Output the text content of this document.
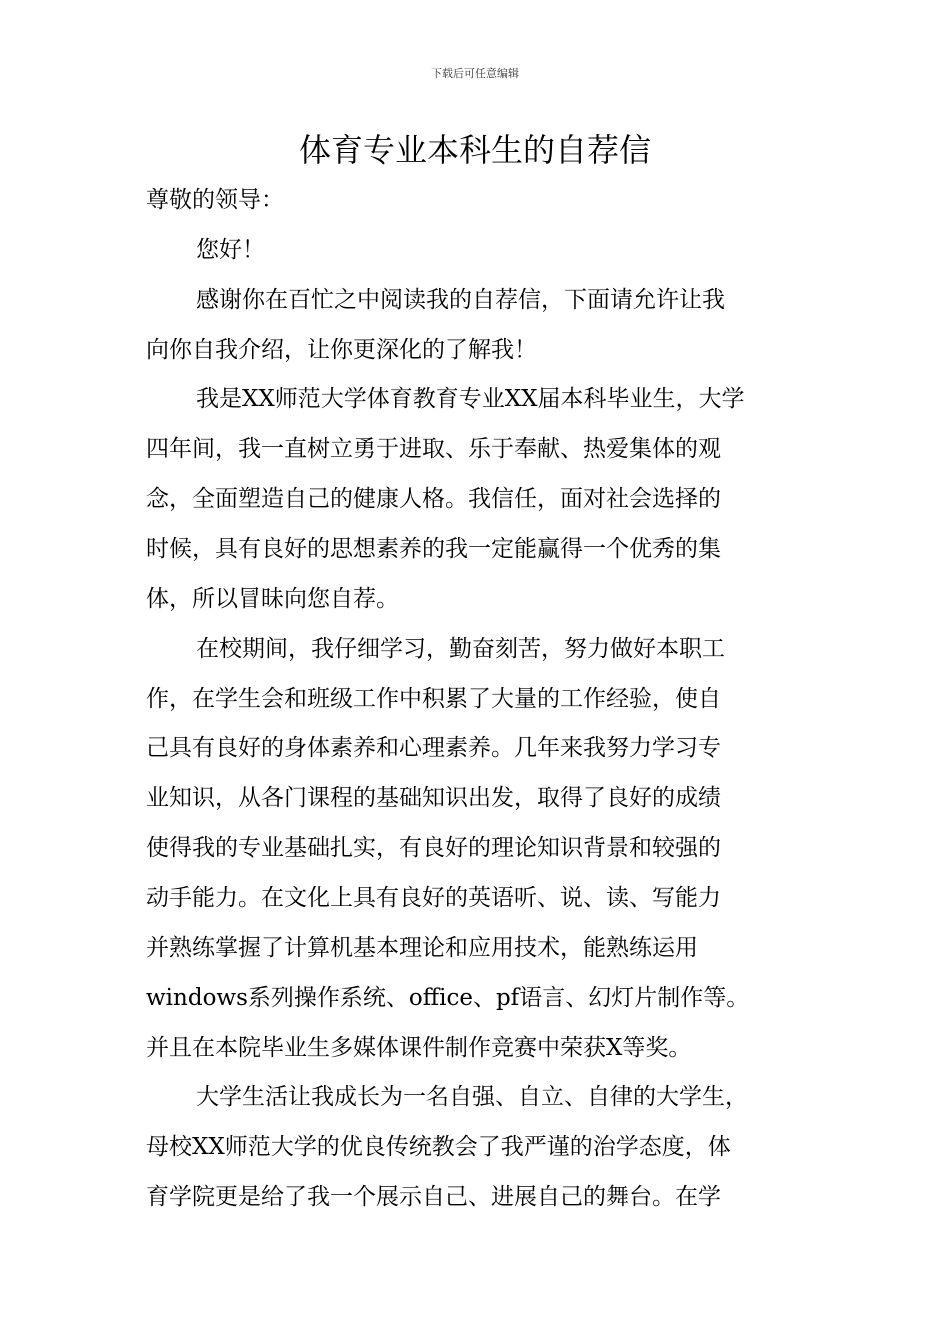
下载后可任意编辑
体育专业本科生的自荐信
尊敬的领导：
您好！
感谢你在百忙之中阅读我的自荐信，下面请允许让我
向你自我介绍，让你更深化的了解我！
我是XX师范大学体育教育专业XX届本科毕业生，大学
四年间，我一直树立勇于进取、乐于奉献、热爱集体的观
念，全面塑造自己的健康人格。我信任，面对社会选择的
时候，具有良好的思想素养的我一定能赢得一个优秀的集
体，所以冒昧向您自荐。
在校期间，我仔细学习，勤奋刻苦，努力做好本职工
作，在学生会和班级工作中积累了大量的工作经验，使自
己具有良好的身体素养和心理素养。几年来我努力学习专
业知识，从各门课程的基础知识出发，取得了良好的成绩
使得我的专业基础扎实，有良好的理论知识背景和较强的
动手能力。在文化上具有良好的英语听、说、读、写能力
并熟练掌握了计算机基本理论和应用技术，能熟练运用
windows系列操作系统、office、pf语言、幻灯片制作等。
并且在本院毕业生多媒体课件制作竞赛中荣获X等奖。
大学生活让我成长为一名自强、自立、自律的大学生，
母校XX师范大学的优良传统教会了我严谨的治学态度，体
育学院更是给了我一个展示自己、进展自己的舞台。在学
